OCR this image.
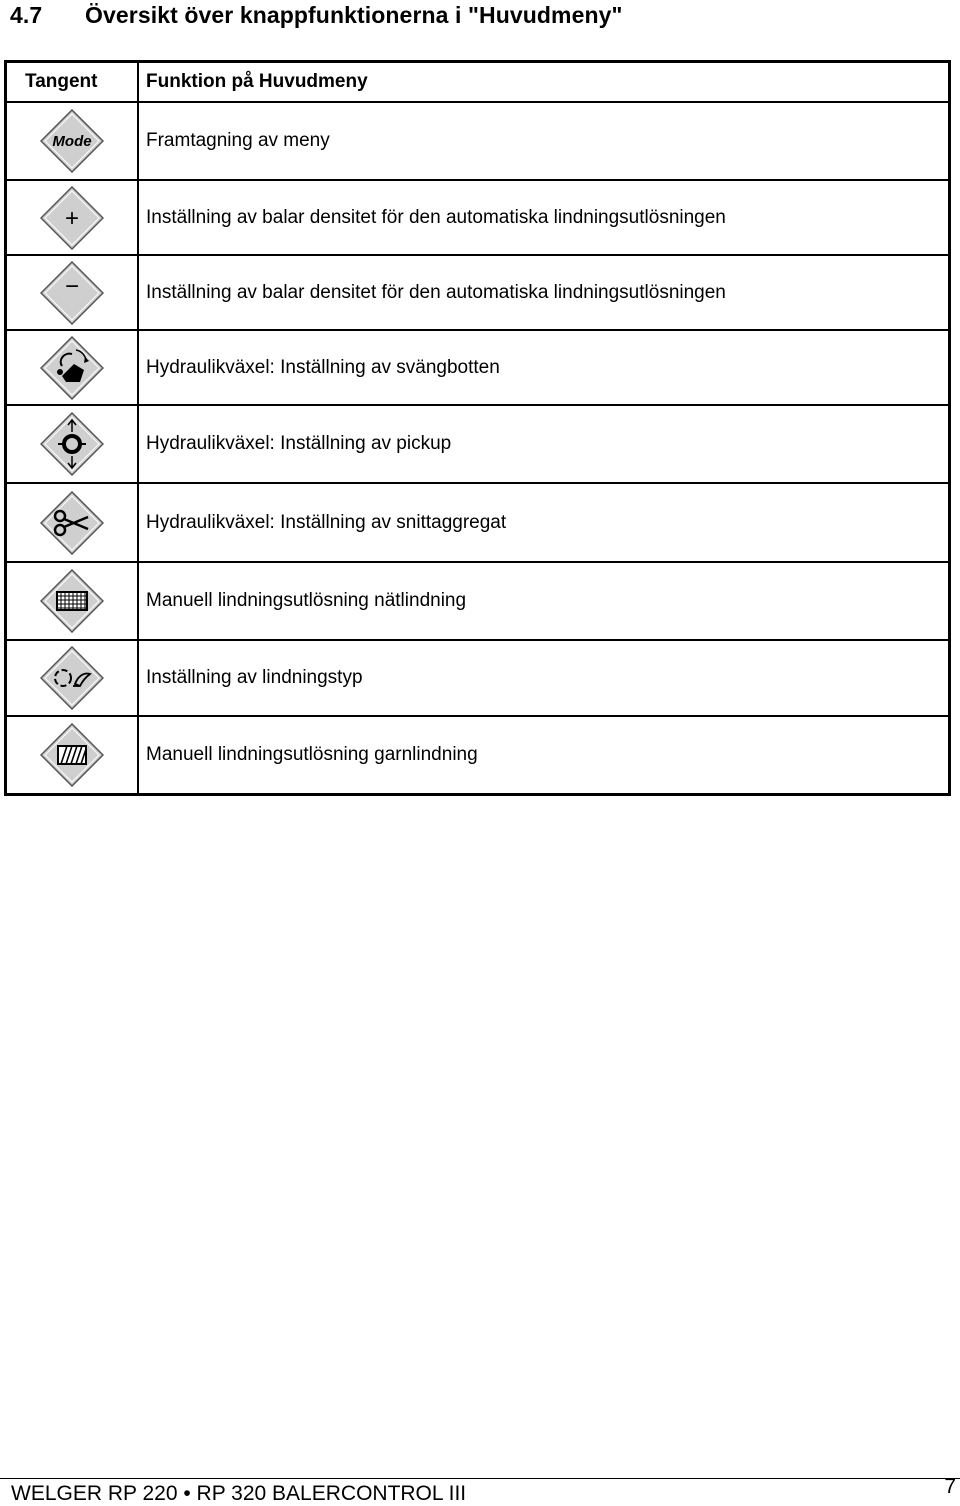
4.7 Översikt över knappfunktionerna i "Huvudmeny"
Tangent	Funktion på Huvudmeny

Mode	Framtagning av meny

+	Inställning av balar densitet för den automatiska lindningsutlösningen

−	Inställning av balar densitet för den automatiska lindningsutlösningen
	Hydraulikväxel: Inställning av svängbotten
	Hydraulikväxel: Inställning av pickup
	Hydraulikväxel: Inställning av snittaggregat
	Manuell lindningsutlösning nätlindning
	Inställning av lindningstyp
	Manuell lindningsutlösning garnlindning
WELGER RP 220 • RP 320 BALERCONTROL III	7
